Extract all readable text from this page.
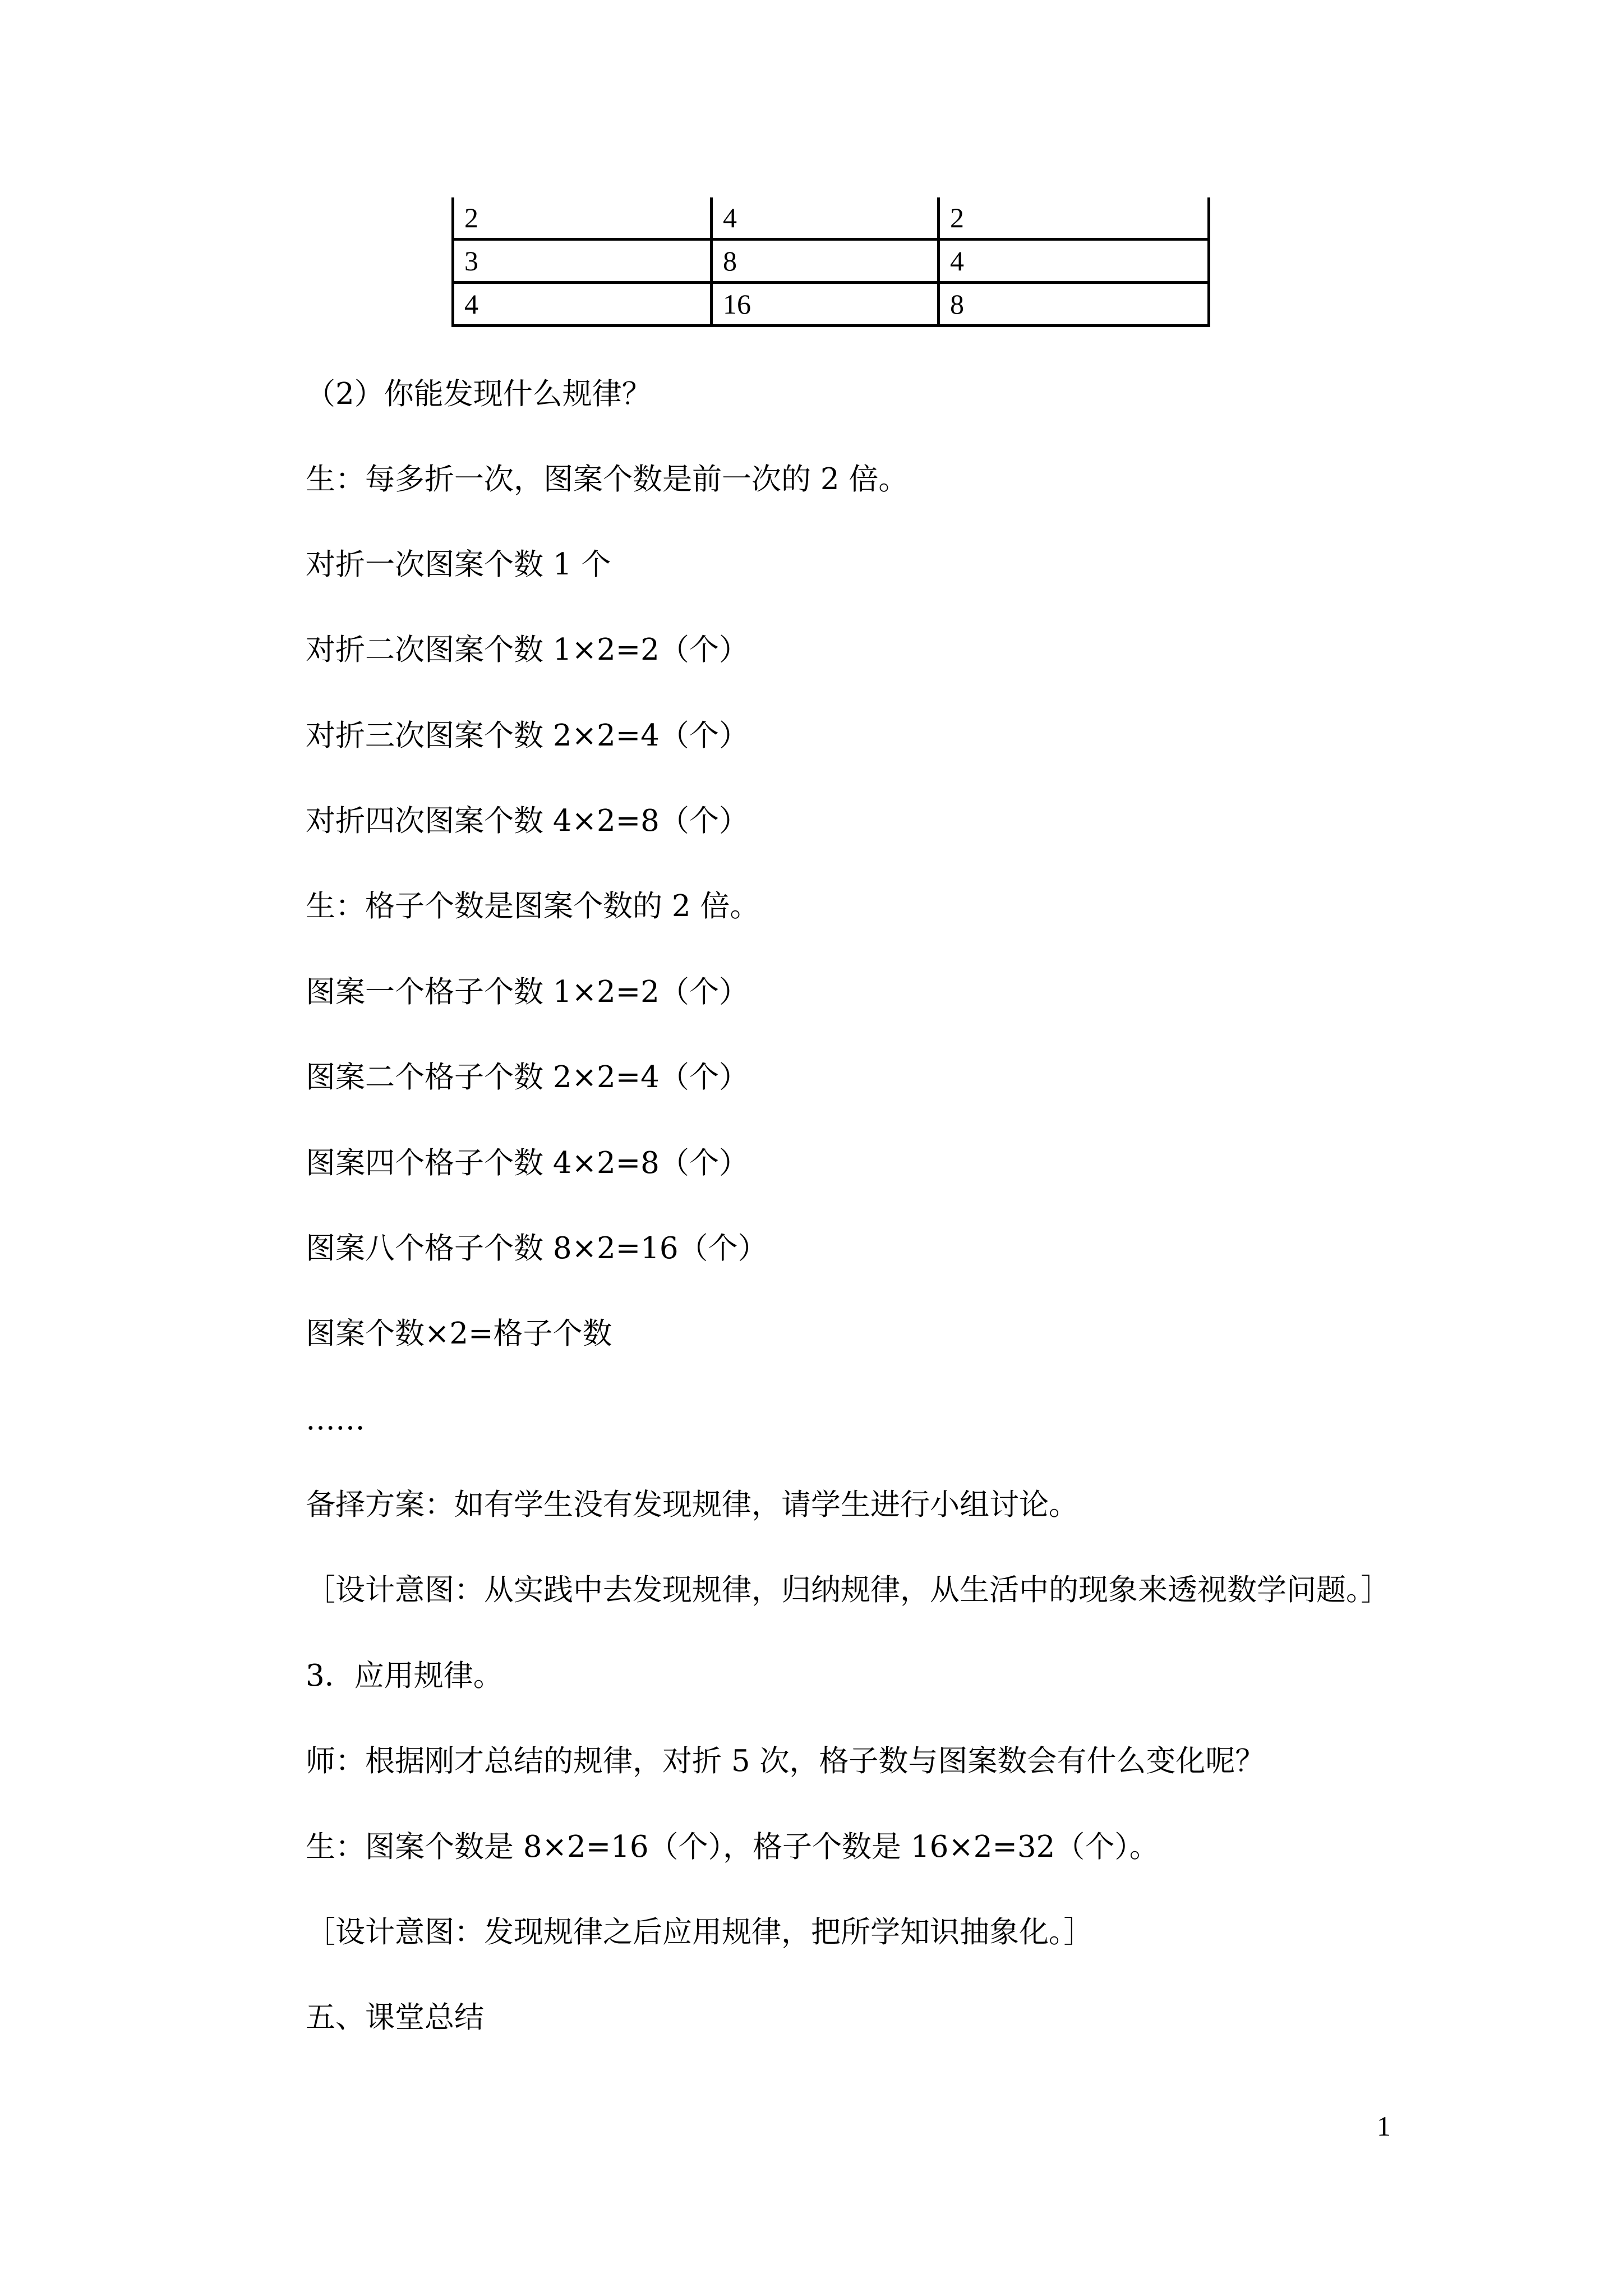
2	4	2
3	8	4
4	16	8
（2）你能发现什么规律？
生：每多折一次，图案个数是前一次的 2 倍。
对折一次图案个数 1 个
对折二次图案个数 1×2=2（个）
对折三次图案个数 2×2=4（个）
对折四次图案个数 4×2=8（个）
生：格子个数是图案个数的 2 倍。
图案一个格子个数 1×2=2（个）
图案二个格子个数 2×2=4（个）
图案四个格子个数 4×2=8（个）
图案八个格子个数 8×2=16（个）
图案个数×2=格子个数
……
备择方案：如有学生没有发现规律，请学生进行小组讨论。
［设计意图：从实践中去发现规律，归纳规律，从生活中的现象来透视数学问题。］
3．应用规律。
师：根据刚才总结的规律，对折 5 次，格子数与图案数会有什么变化呢？
生：图案个数是 8×2=16（个），格子个数是 16×2=32（个）。
［设计意图：发现规律之后应用规律，把所学知识抽象化。］
五、课堂总结
1
